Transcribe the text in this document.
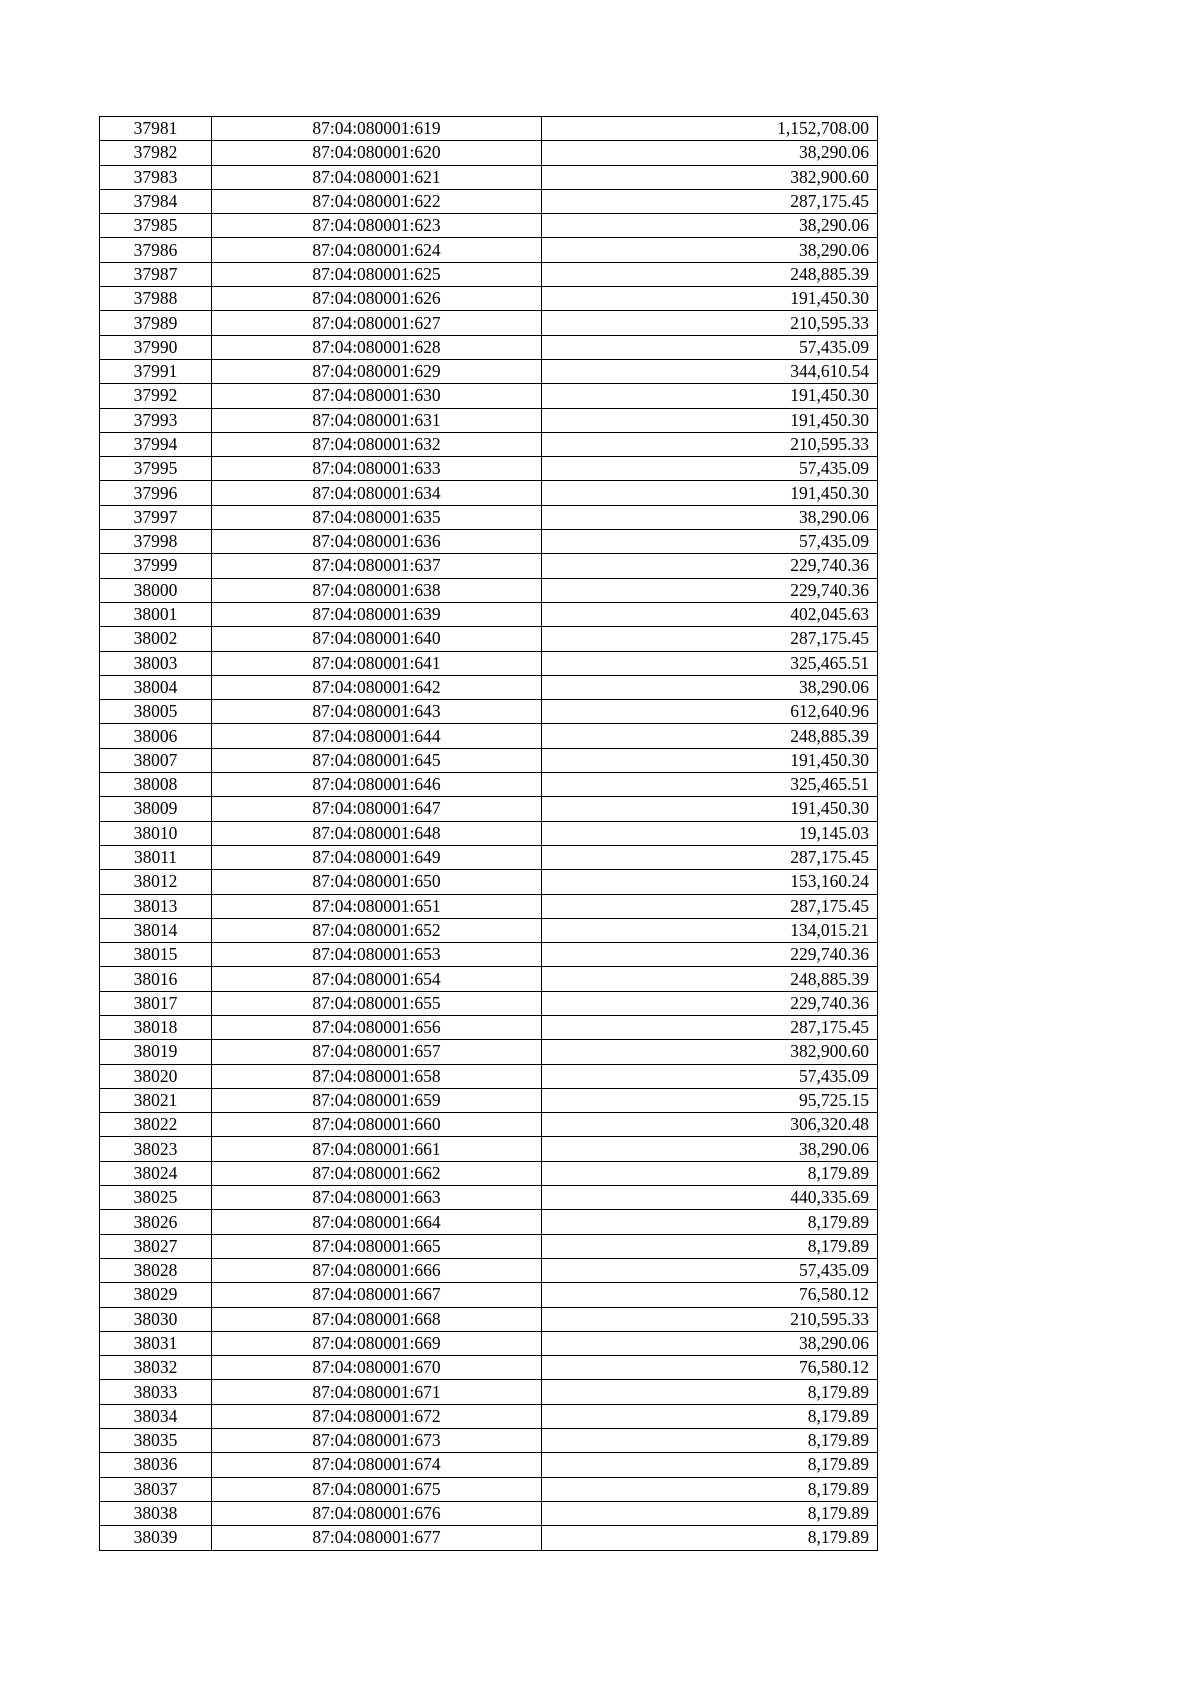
37981	87:04:080001:619	1,152,708.00
37982	87:04:080001:620	38,290.06
37983	87:04:080001:621	382,900.60
37984	87:04:080001:622	287,175.45
37985	87:04:080001:623	38,290.06
37986	87:04:080001:624	38,290.06
37987	87:04:080001:625	248,885.39
37988	87:04:080001:626	191,450.30
37989	87:04:080001:627	210,595.33
37990	87:04:080001:628	57,435.09
37991	87:04:080001:629	344,610.54
37992	87:04:080001:630	191,450.30
37993	87:04:080001:631	191,450.30
37994	87:04:080001:632	210,595.33
37995	87:04:080001:633	57,435.09
37996	87:04:080001:634	191,450.30
37997	87:04:080001:635	38,290.06
37998	87:04:080001:636	57,435.09
37999	87:04:080001:637	229,740.36
38000	87:04:080001:638	229,740.36
38001	87:04:080001:639	402,045.63
38002	87:04:080001:640	287,175.45
38003	87:04:080001:641	325,465.51
38004	87:04:080001:642	38,290.06
38005	87:04:080001:643	612,640.96
38006	87:04:080001:644	248,885.39
38007	87:04:080001:645	191,450.30
38008	87:04:080001:646	325,465.51
38009	87:04:080001:647	191,450.30
38010	87:04:080001:648	19,145.03
38011	87:04:080001:649	287,175.45
38012	87:04:080001:650	153,160.24
38013	87:04:080001:651	287,175.45
38014	87:04:080001:652	134,015.21
38015	87:04:080001:653	229,740.36
38016	87:04:080001:654	248,885.39
38017	87:04:080001:655	229,740.36
38018	87:04:080001:656	287,175.45
38019	87:04:080001:657	382,900.60
38020	87:04:080001:658	57,435.09
38021	87:04:080001:659	95,725.15
38022	87:04:080001:660	306,320.48
38023	87:04:080001:661	38,290.06
38024	87:04:080001:662	8,179.89
38025	87:04:080001:663	440,335.69
38026	87:04:080001:664	8,179.89
38027	87:04:080001:665	8,179.89
38028	87:04:080001:666	57,435.09
38029	87:04:080001:667	76,580.12
38030	87:04:080001:668	210,595.33
38031	87:04:080001:669	38,290.06
38032	87:04:080001:670	76,580.12
38033	87:04:080001:671	8,179.89
38034	87:04:080001:672	8,179.89
38035	87:04:080001:673	8,179.89
38036	87:04:080001:674	8,179.89
38037	87:04:080001:675	8,179.89
38038	87:04:080001:676	8,179.89
38039	87:04:080001:677	8,179.89
